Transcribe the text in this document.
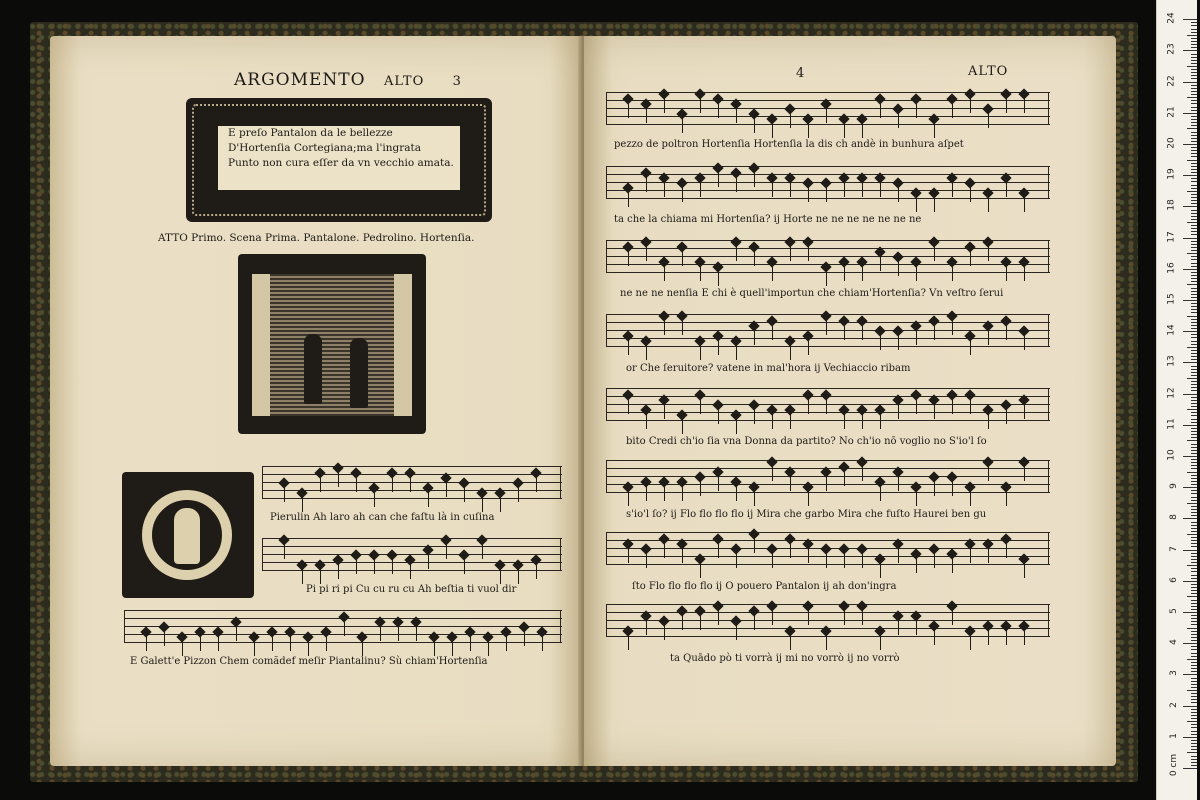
ARGOMENTO ALTO 3
E preſo Pantalon da le bellezze
D'Hortenſia Cortegiana;ma l'ingrata
Punto non cura eſſer da vn vecchio amata.
ATTO Primo. Scena Prima. Pantalone. Pedrolino. Hortenſia.
Pierulin Ah laro ah can che faſtu là in cuſina
Pi pi ri pi Cu cu ru cu Ah beſtia ti vuol dir
E Galett'e Pizzon Chem comădef meſir Piantalinu? Sù chiam'Hortenſia
4	ALTO
pezzo de poltron Hortenſia Hortenſia la dis ch andè in bunhura aſpet
ta che la chiama mi Hortenſia? ij Horte ne ne ne ne ne ne ne
ne ne ne nenſia E chi è quell'importun che chiam'Hortenſia? Vn veſtro ſerui
or Che ſeruitore? vatene in mal'hora ij Vechiaccio ribam
bito Credi ch'io ſia vna Donna da partito? No ch'io nō voglio no S'io'l ſo
s'io'l ſo? ij Flo flo flo flo ij Mira che garbo Mira che fuſto Haurei ben gu
ſto Flo flo flo flo ij O pouero Pantalon ij ah don'ingra
ta Quādo pò ti vorrà ij mi no vorrò ij no vorrò
1
2
3
4
5
6
7
8
9
10
11
12
13
14
15
16
17
18
19
20
21
22
23
24
0 cm
